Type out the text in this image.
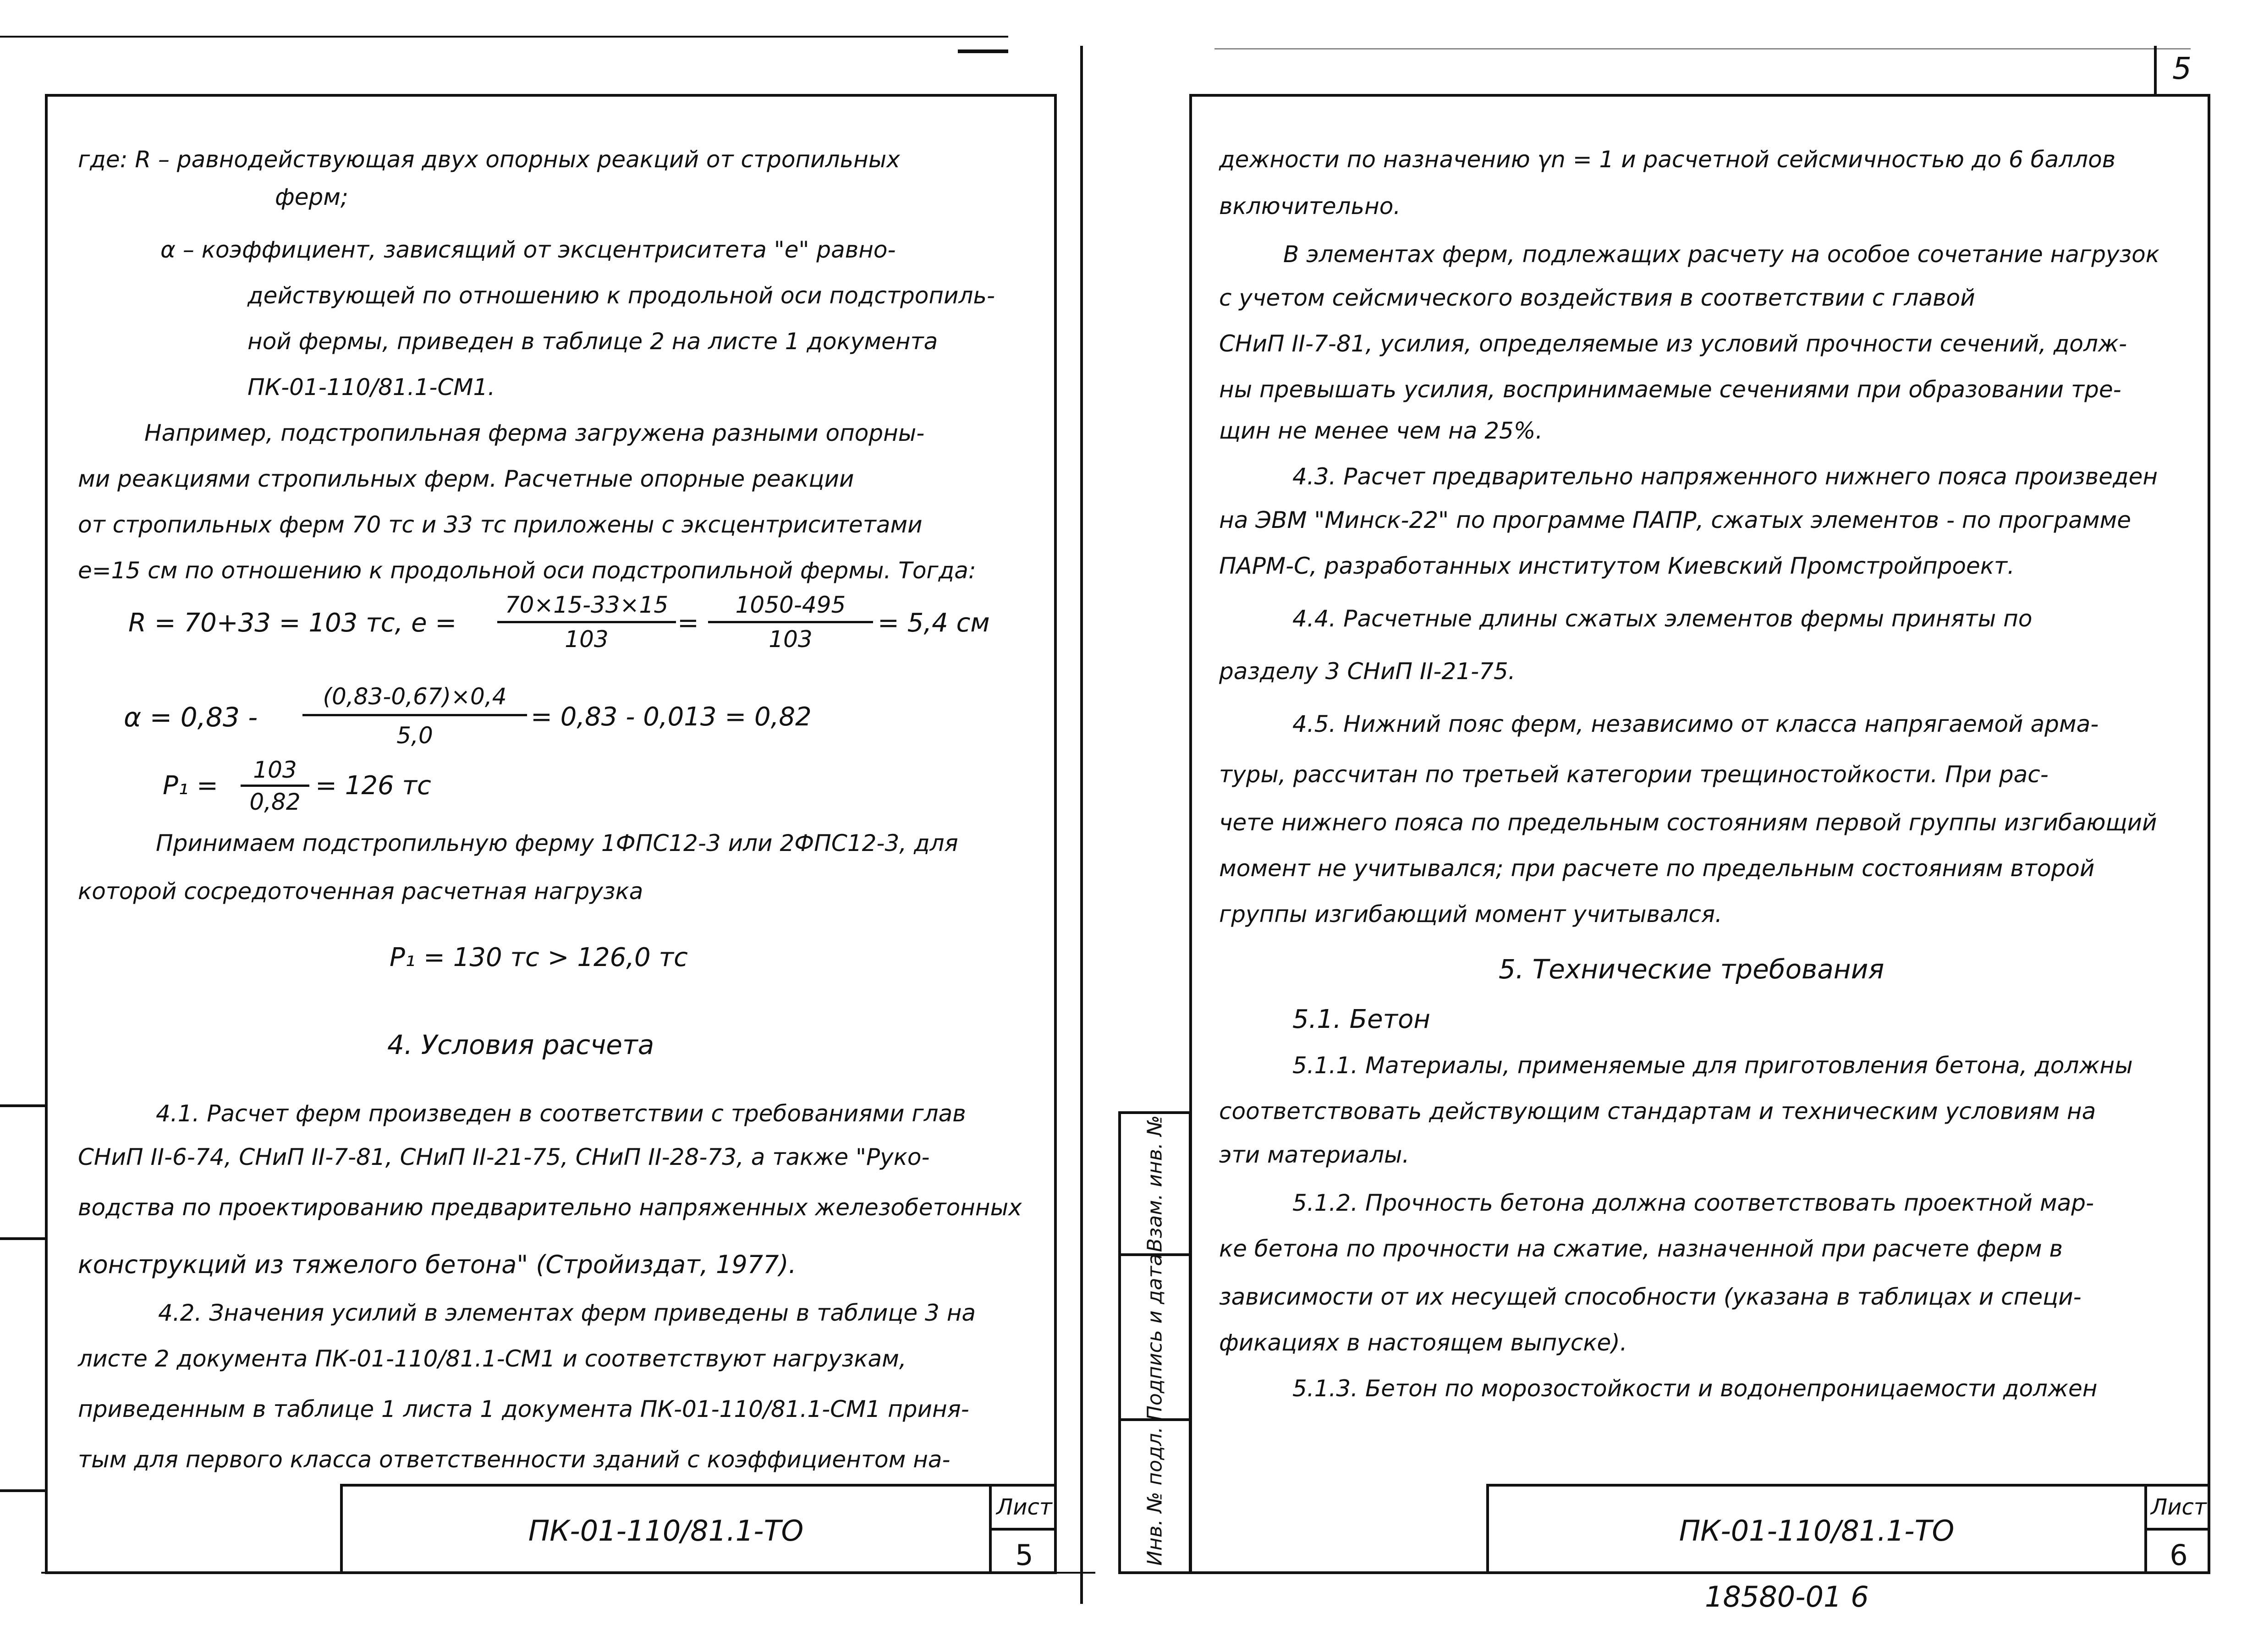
где: R – равнодействующая двух опорных реакций от стропильных
ферм;
α – коэффициент, зависящий от эксцентриситета "e" равно-
действующей по отношению к продольной оси подстропиль-
ной фермы, приведен в таблице 2 на листе 1 документа
ПК-01-110/81.1-СМ1.
Например, подстропильная ферма загружена разными опорны-
ми реакциями стропильных ферм. Расчетные опорные реакции
от стропильных ферм 70 тс и 33 тс приложены с эксцентриситетами
e=15 см по отношению к продольной оси подстропильной фермы. Тогда:
R = 70+33 = 103 тс, e =
70×15-33×15
103
=
1050-495
103
= 5,4 см
α = 0,83 -
(0,83-0,67)×0,4
5,0
= 0,83 - 0,013 = 0,82
P₁ =
103
0,82
= 126 тс
Принимаем подстропильную ферму 1ФПС12-3 или 2ФПС12-3, для
которой сосредоточенная расчетная нагрузка
P₁ = 130 тс > 126,0 тс
4. Условия расчета
4.1. Расчет ферм произведен в соответствии с требованиями глав
СНиП II-6-74, СНиП II-7-81, СНиП II-21-75, СНиП II-28-73, а также "Руко-
водства по проектированию предварительно напряженных железобетонных
конструкций из тяжелого бетона" (Стройиздат, 1977).
4.2. Значения усилий в элементах ферм приведены в таблице 3 на
листе 2 документа ПК-01-110/81.1-СМ1 и соответствуют нагрузкам,
приведенным в таблице 1 листа 1 документа ПК-01-110/81.1-СМ1 приня-
тым для первого класса ответственности зданий с коэффициентом на-
ПК-01-110/81.1-ТО
Лист
5
5
дежности по назначению γn = 1 и расчетной сейсмичностью до 6 баллов
включительно.
В элементах ферм, подлежащих расчету на особое сочетание нагрузок
с учетом сейсмического воздействия в соответствии с главой
СНиП II-7-81, усилия, определяемые из условий прочности сечений, долж-
ны превышать усилия, воспринимаемые сечениями при образовании тре-
щин не менее чем на 25%.
4.3. Расчет предварительно напряженного нижнего пояса произведен
на ЭВМ "Минск-22" по программе ПАПР, сжатых элементов - по программе
ПАРМ-С, разработанных институтом Киевский Промстройпроект.
4.4. Расчетные длины сжатых элементов фермы приняты по
разделу 3 СНиП II-21-75.
4.5. Нижний пояс ферм, независимо от класса напрягаемой арма-
туры, рассчитан по третьей категории трещиностойкости. При рас-
чете нижнего пояса по предельным состояниям первой группы изгибающий
момент не учитывался; при расчете по предельным состояниям второй
группы изгибающий момент учитывался.
5. Технические требования
5.1. Бетон
5.1.1. Материалы, применяемые для приготовления бетона, должны
соответствовать действующим стандартам и техническим условиям на
эти материалы.
5.1.2. Прочность бетона должна соответствовать проектной мар-
ке бетона по прочности на сжатие, назначенной при расчете ферм в
зависимости от их несущей способности (указана в таблицах и специ-
фикациях в настоящем выпуске).
5.1.3. Бетон по морозостойкости и водонепроницаемости должен
Взам. инв. №
Подпись и дата
Инв. № подл.	ПК-01-110/81.1-ТО
Лист
6
18580-01 6
